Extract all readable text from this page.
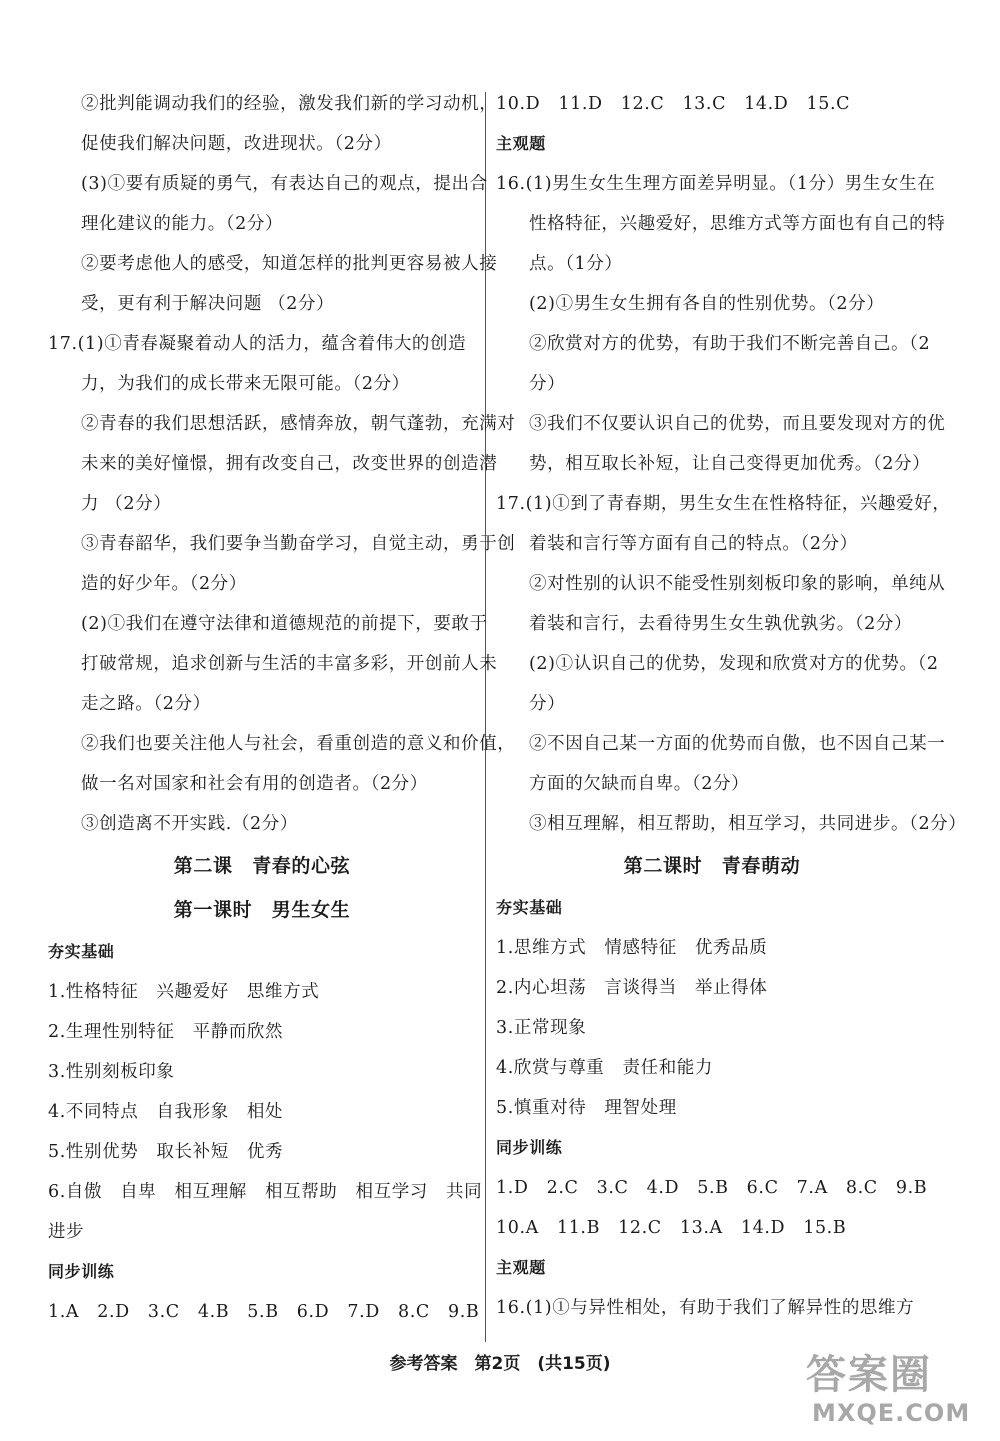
②批判能调动我们的经验，激发我们新的学习动机，
促使我们解决问题，改进现状。（2分）
(3)①要有质疑的勇气，有表达自己的观点，提出合
理化建议的能力。（2分）
②要考虑他人的感受，知道怎样的批判更容易被人接
受，更有利于解决问题 （2分）
17.(1)①青春凝聚着动人的活力，蕴含着伟大的创造
力，为我们的成长带来无限可能。（2分）
②青春的我们思想活跃，感情奔放，朝气蓬勃，充满对
未来的美好憧憬，拥有改变自己，改变世界的创造潜
力 （2分）
③青春韶华，我们要争当勤奋学习，自觉主动，勇于创
造的好少年。（2分）
(2)①我们在遵守法律和道德规范的前提下，要敢于
打破常规，追求创新与生活的丰富多彩，开创前人未
走之路。（2分）
②我们也要关注他人与社会，看重创造的意义和价值，
做一名对国家和社会有用的创造者。（2分）
③创造离不开实践.（2分）
第二课　青春的心弦
第一课时　男生女生
夯实基础
1.性格特征　兴趣爱好　思维方式
2.生理性别特征　平静而欣然
3.性别刻板印象
4.不同特点　自我形象　相处
5.性别优势　取长补短　优秀
6.自傲　自卑　相互理解　相互帮助　相互学习　共同
进步
同步训练
1.A　2.D　3.C　4.B　5.B　6.D　7.D　8.C　9.B
10.D　11.D　12.C　13.C　14.D　15.C
主观题
16.(1)男生女生生理方面差异明显。（1分）男生女生在
性格特征，兴趣爱好，思维方式等方面也有自己的特
点。（1分）
(2)①男生女生拥有各自的性别优势。（2分）
②欣赏对方的优势，有助于我们不断完善自己。（2
分）
③我们不仅要认识自己的优势，而且要发现对方的优
势，相互取长补短，让自己变得更加优秀。（2分）
17.(1)①到了青春期，男生女生在性格特征，兴趣爱好，
着装和言行等方面有自己的特点。（2分）
②对性别的认识不能受性别刻板印象的影响，单纯从
着装和言行，去看待男生女生孰优孰劣。（2分）
(2)①认识自己的优势，发现和欣赏对方的优势。（2
分）
②不因自己某一方面的优势而自傲，也不因自己某一
方面的欠缺而自卑。（2分）
③相互理解，相互帮助，相互学习，共同进步。（2分）
第二课时　青春萌动
夯实基础
1.思维方式　情感特征　优秀品质
2.内心坦荡　言谈得当　举止得体
3.正常现象
4.欣赏与尊重　责任和能力
5.慎重对待　理智处理
同步训练
1.D　2.C　3.C　4.D　5.B　6.C　7.A　8.C　9.B
10.A　11.B　12.C　13.A　14.D　15.B
主观题
16.(1)①与异性相处，有助于我们了解异性的思维方
参考答案　第2页　(共15页)	答案圈
MXQE.COM
